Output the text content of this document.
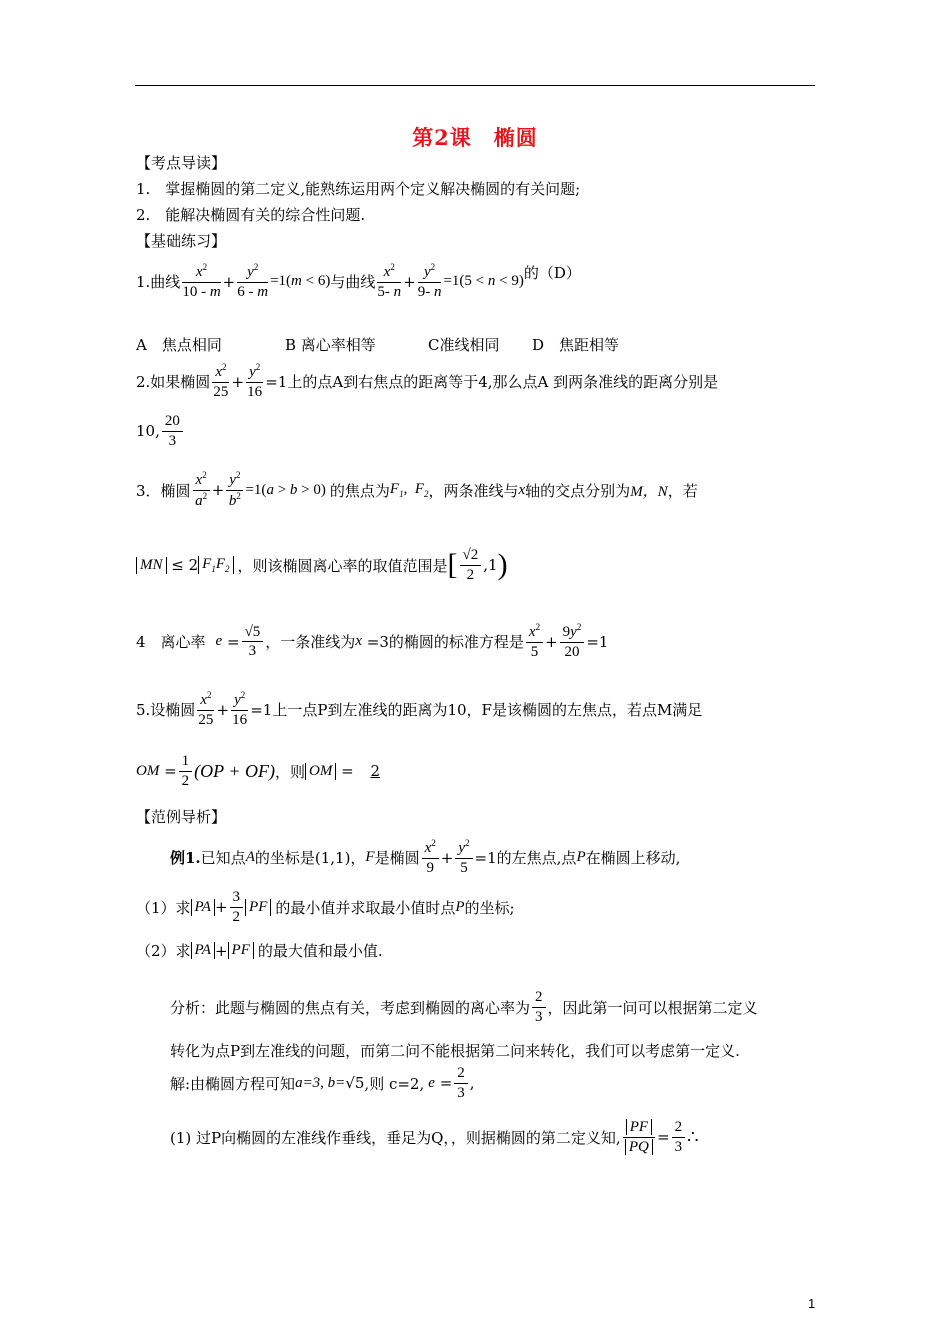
第2课　椭圆
【考点导读】
1.　掌握椭圆的第二定义,能熟练运用两个定义解决椭圆的有关问题;
2.　能解决椭圆有关的综合性问题.
【基础练习】
1.曲线 $\frac{x^2}{10 - m} + \frac{y^2}{6 - m} =1(m < 6)$ 与曲线 $\frac{x^2}{5- n} + \frac{y^2}{9- n} =1(5 < n < 9)$ 的（D）
A　焦点相同	B 离心率相等	C准线相同 D　焦距相等
2.如果椭圆 $\frac{x^2}{25} + \frac{y^2}{16} =1$ 上的点A到右焦点的距离等于4,那么点A 到两条准线的距离分别是
10, $\frac{20}{3}$
3．椭圆 $\frac{x^2}{a^2} + \frac{y^2}{b^2} =1(a > b > 0)$ 的焦点为 $F_1$,  $F_2$ ，两条准线与 x 轴的交点分别为 M，N ，若
MN ≤ 2 $F_1F_2$ ，则该椭圆离心率的取值范围是 [ $\frac{√2}{2} ,1$ )
4　离心率 $e = \frac{√5}{3}$ ，一条准线为 x =3 的椭圆的标准方程是 $\frac{x^2}{5} + \frac{9y^2}{20} =1$
5.设椭圆 $\frac{x^2}{25} + \frac{y^2}{16} =1$ 上一点P到左准线的距离为10，F是该椭圆的左焦点，若点M满足
OM = $\frac{1}{2} (OP + OF)$ ，则 OM = 2
【范例导析】
例1. 已知点 A 的坐标是(1,1)， F 是椭圆 $\frac{x^2}{9} + \frac{y^2}{5} =1$ 的左焦点,点 P 在椭圆上移动,
（1）求 PA + $\frac{3}{2}$ PF 的最小值并求取最小值时点 P 的坐标;
（2）求 PA + PF 的最大值和最小值.
分析：此题与椭圆的焦点有关，考虑到椭圆的离心率为 $\frac{2}{3}$ ，因此第一问可以根据第二定义
转化为点P到左准线的问题，而第二问不能根据第二问来转化，我们可以考虑第一定义.
解:由椭圆方程可知 a=3, b= √5 ,则 c=2, $e = \frac{2}{3}$ ,
(1) 过P向椭圆的左准线作垂线，垂足为Q，，则据椭圆的第二定义知, $\frac{PF}{PQ} = \frac{2}{3}$ ∴
1
